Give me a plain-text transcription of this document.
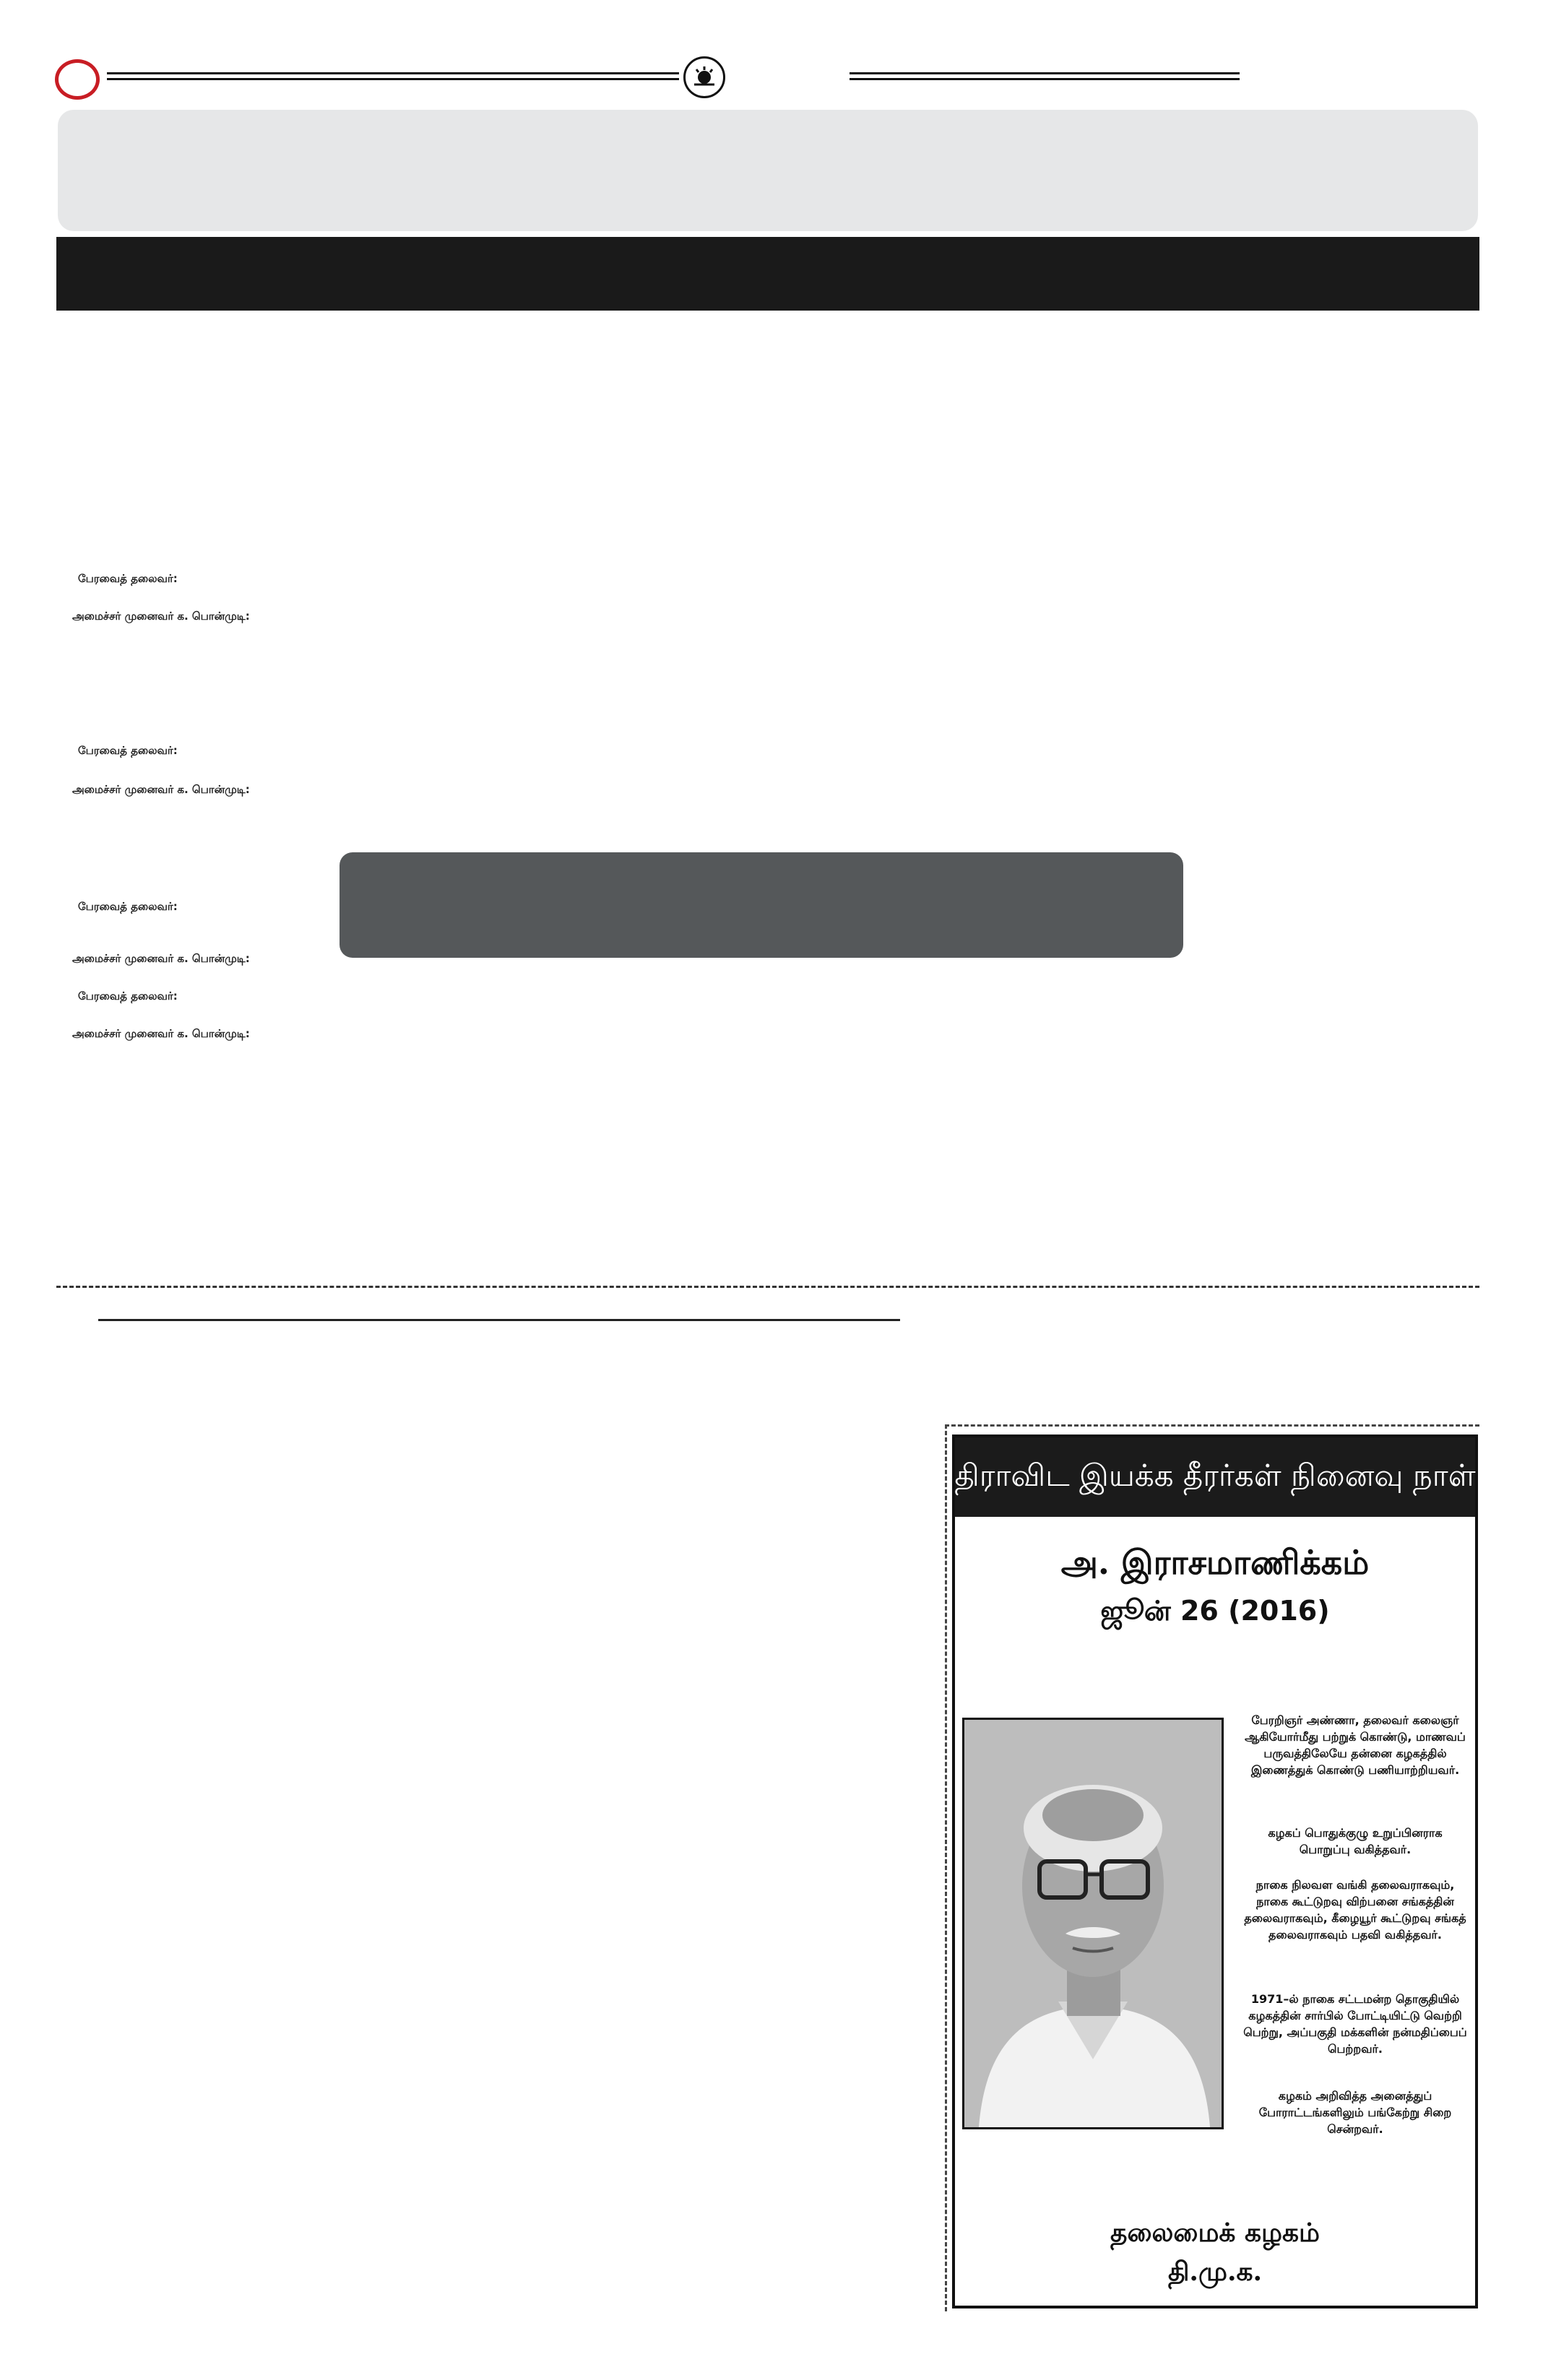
பேரவைத் தலைவர்:
அமைச்சர் முனைவர் க. பொன்முடி:
பேரவைத் தலைவர்:
அமைச்சர் முனைவர் க. பொன்முடி:
பேரவைத் தலைவர்:
அமைச்சர் முனைவர் க. பொன்முடி:
பேரவைத் தலைவர்:
அமைச்சர் முனைவர் க. பொன்முடி:
திராவிட இயக்க தீரர்கள் நினைவு நாள்
அ. இராசமாணிக்கம்
ஜூன் 26 (2016)
பேரறிஞர் அண்ணா, தலைவர் கலைஞர் ஆகியோர்மீது பற்றுக் கொண்டு, மாணவப் பருவத்திலேயே தன்னை கழகத்தில் இணைத்துக் கொண்டு பணியாற்றியவர்.
கழகப் பொதுக்குழு உறுப்பினராக பொறுப்பு வகித்தவர்.
நாகை நிலவள வங்கி தலைவராகவும், நாகை கூட்டுறவு விற்பனை சங்கத்தின் தலைவராகவும், கீழையூர் கூட்டுறவு சங்கத் தலைவராகவும் பதவி வகித்தவர்.
1971–ல் நாகை சட்டமன்ற தொகுதியில் கழகத்தின் சார்பில் போட்டியிட்டு வெற்றி பெற்று, அப்பகுதி மக்களின் நன்மதிப்பைப் பெற்றவர்.
கழகம் அறிவித்த அனைத்துப் போராட்டங்களிலும் பங்கேற்று சிறை சென்றவர்.
தலைமைக் கழகம்
தி.மு.க.
